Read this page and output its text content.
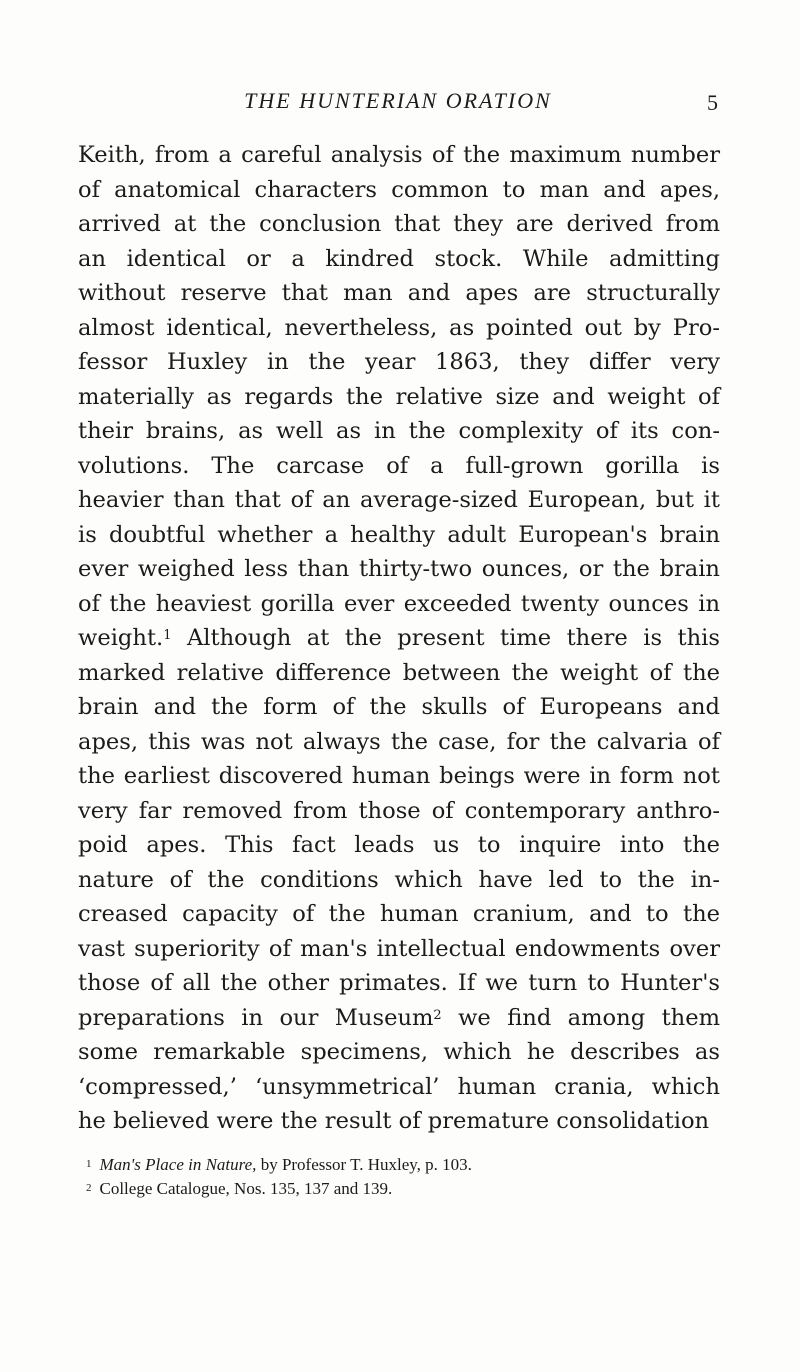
THE HUNTERIAN ORATION	5
Keith, from a careful analysis of the maximum number
of anatomical characters common to man and apes,
arrived at the conclusion that they are derived from
an identical or a kindred stock. While admitting
without reserve that man and apes are structurally
almost identical, nevertheless, as pointed out by Pro-
fessor Huxley in the year 1863, they differ very
materially as regards the relative size and weight of
their brains, as well as in the complexity of its con-
volutions. The carcase of a full-grown gorilla is
heavier than that of an average-sized European, but it
is doubtful whether a healthy adult European's brain
ever weighed less than thirty-two ounces, or the brain
of the heaviest gorilla ever exceeded twenty ounces in
weight.$^1$ Although at the present time there is this
marked relative difference between the weight of the
brain and the form of the skulls of Europeans and
apes, this was not always the case, for the calvaria of
the earliest discovered human beings were in form not
very far removed from those of contemporary anthro-
poid apes. This fact leads us to inquire into the
nature of the conditions which have led to the in-
creased capacity of the human cranium, and to the
vast superiority of man's intellectual endowments over
those of all the other primates. If we turn to Hunter's
preparations in our Museum$^2$ we find among them
some remarkable specimens, which he describes as
‘compressed,’ ‘unsymmetrical’ human crania, which
he believed were the result of premature consolidation
$^1$ Man's Place in Nature, by Professor T. Huxley, p. 103.
$^2$ College Catalogue, Nos. 135, 137 and 139.
